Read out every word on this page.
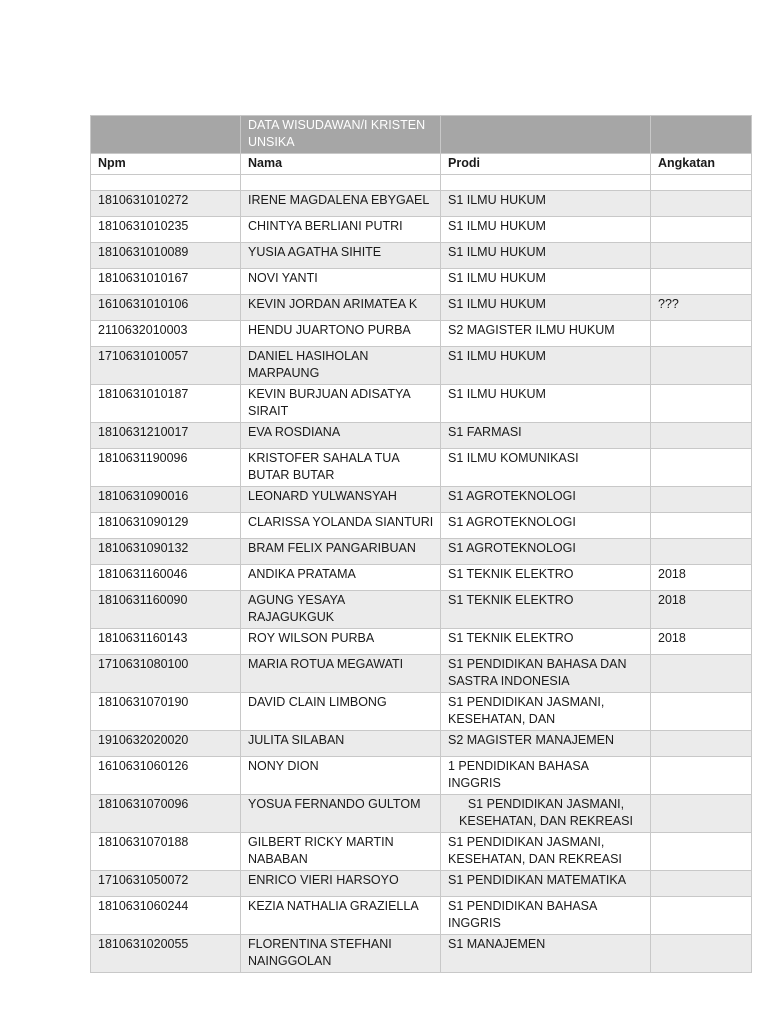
	DATA WISUDAWAN/I KRISTEN UNSIKA		
Npm	Nama	Prodi	Angkatan

1810631010272	IRENE MAGDALENA EBYGAEL	S1 ILMU HUKUM	
1810631010235	CHINTYA BERLIANI PUTRI	S1 ILMU HUKUM	
1810631010089	YUSIA AGATHA SIHITE	S1 ILMU HUKUM	
1810631010167	NOVI YANTI	S1 ILMU HUKUM	
1610631010106	KEVIN JORDAN ARIMATEA K	S1 ILMU HUKUM	???
2110632010003	HENDU JUARTONO PURBA	S2 MAGISTER ILMU HUKUM	
1710631010057	DANIEL HASIHOLAN MARPAUNG	S1 ILMU HUKUM	
1810631010187	KEVIN BURJUAN ADISATYA SIRAIT	S1 ILMU HUKUM	
1810631210017	EVA ROSDIANA	S1 FARMASI	
1810631190096	KRISTOFER SAHALA TUA BUTAR BUTAR	S1 ILMU KOMUNIKASI	
1810631090016	LEONARD YULWANSYAH	S1 AGROTEKNOLOGI	
1810631090129	CLARISSA YOLANDA SIANTURI	S1 AGROTEKNOLOGI	
1810631090132	BRAM FELIX PANGARIBUAN	S1 AGROTEKNOLOGI	
1810631160046	ANDIKA PRATAMA	S1 TEKNIK ELEKTRO	2018
1810631160090	AGUNG YESAYA RAJAGUKGUK	S1 TEKNIK ELEKTRO	2018
1810631160143	ROY WILSON PURBA	S1 TEKNIK ELEKTRO	2018
1710631080100	MARIA ROTUA MEGAWATI	S1 PENDIDIKAN BAHASA DAN SASTRA INDONESIA	
1810631070190	DAVID CLAIN LIMBONG	S1 PENDIDIKAN JASMANI, KESEHATAN, DAN	
1910632020020	JULITA SILABAN	S2 MAGISTER MANAJEMEN	
1610631060126	NONY DION	1 PENDIDIKAN BAHASA INGGRIS	
1810631070096	YOSUA FERNANDO GULTOM	S1 PENDIDIKAN JASMANI, KESEHATAN, DAN REKREASI	
1810631070188	GILBERT RICKY MARTIN NABABAN	S1 PENDIDIKAN JASMANI, KESEHATAN, DAN REKREASI	
1710631050072	ENRICO VIERI HARSOYO	S1 PENDIDIKAN MATEMATIKA	
1810631060244	KEZIA NATHALIA GRAZIELLA	S1 PENDIDIKAN BAHASA INGGRIS	
1810631020055	FLORENTINA STEFHANI NAINGGOLAN	S1 MANAJEMEN	
